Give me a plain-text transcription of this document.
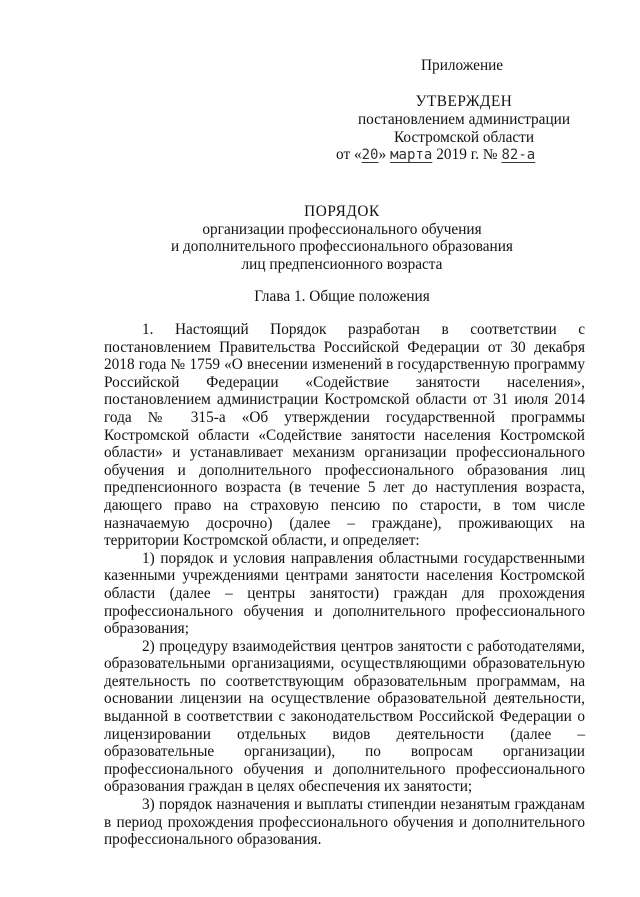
Приложение
УТВЕРЖДЕН
постановлением администрации
Костромской области
от «20» марта 2019 г. № 82-а
ПОРЯДОК
организации профессионального обучения
и дополнительного профессионального образования
лиц предпенсионного возраста
Глава 1. Общие положения

1. Настоящий Порядок разработан в соответствии с постановлением Правительства Российской Федерации от 30 декабря 2018 года № 1759 «О внесении изменений в государственную программу Российской Федерации «Содействие занятости населения», постановлением администрации Костромской области от 31 июля 2014 года № 315-а «Об утверждении государственной программы Костромской области «Содействие занятости населения Костромской области» и устанавливает механизм организации профессионального обучения и дополнительного профессионального образования лиц предпенсионного возраста (в течение 5 лет до наступления возраста, дающего право на страховую пенсию по старости, в том числе назначаемую досрочно) (далее – граждане), проживающих на территории Костромской области, и определяет:

1) порядок и условия направления областными государственными казенными учреждениями центрами занятости населения Костромской области (далее – центры занятости) граждан для прохождения профессионального обучения и дополнительного профессионального образования;

2) процедуру взаимодействия центров занятости с работодателями, образовательными организациями, осуществляющими образовательную деятельность по соответствующим образовательным программам, на основании лицензии на осуществление образовательной деятельности, выданной в соответствии с законодательством Российской Федерации о лицензировании отдельных видов деятельности (далее – образовательные организации), по вопросам организации профессионального обучения и дополнительного профессионального образования граждан в целях обеспечения их занятости;

3) порядок назначения и выплаты стипендии незанятым гражданам в период прохождения профессионального обучения и дополнительного профессионального образования.
